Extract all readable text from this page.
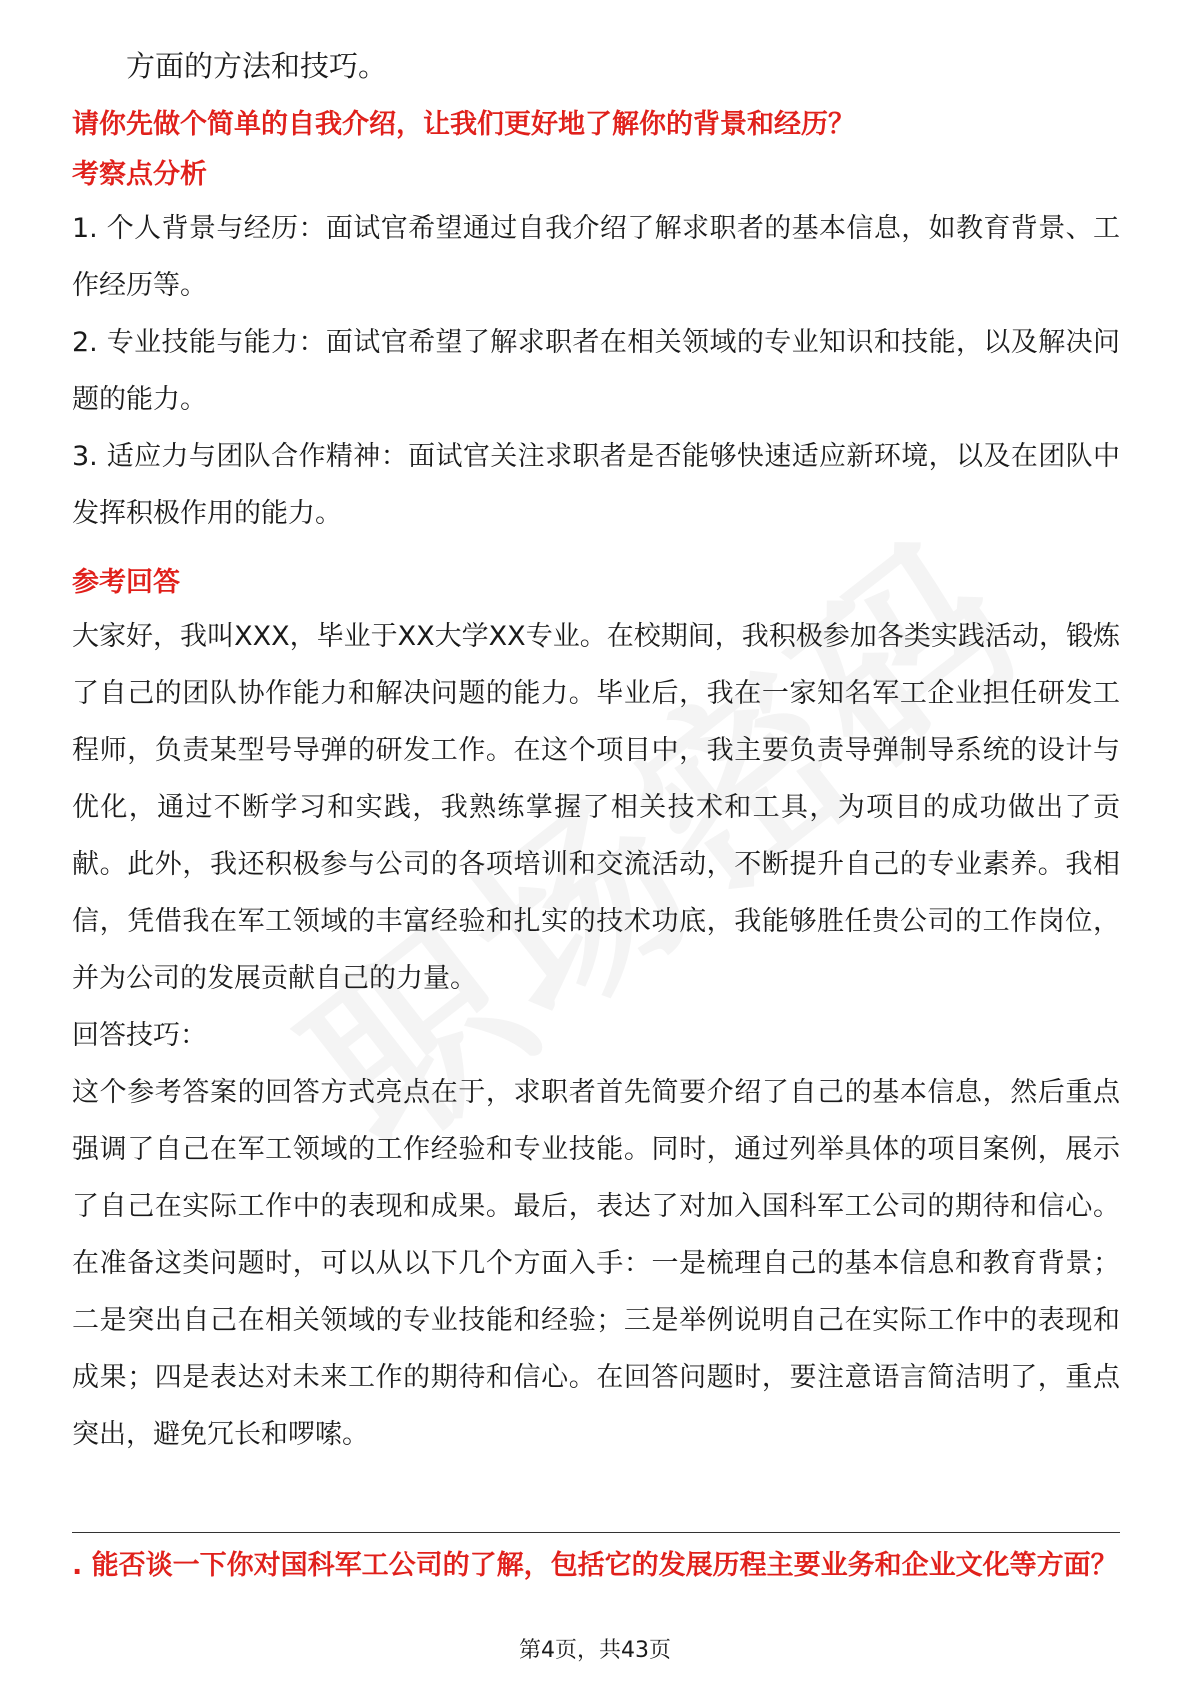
方面的方法和技巧。

请你先做个简单的自我介绍，让我们更好地了解你的背景和经历？

考察点分析

1. 个人背景与经历：面试官希望通过自我介绍了解求职者的基本信息，如教育背景、工作经历等。

2. 专业技能与能力：面试官希望了解求职者在相关领域的专业知识和技能，以及解决问题的能力。

3. 适应力与团队合作精神：面试官关注求职者是否能够快速适应新环境，以及在团队中发挥积极作用的能力。

参考回答

大家好，我叫XXX，毕业于XX大学XX专业。在校期间，我积极参加各类实践活动，锻炼了自己的团队协作能力和解决问题的能力。毕业后，我在一家知名军工企业担任研发工程师，负责某型号导弹的研发工作。在这个项目中，我主要负责导弹制导系统的设计与优化，通过不断学习和实践，我熟练掌握了相关技术和工具，为项目的成功做出了贡献。此外，我还积极参与公司的各项培训和交流活动，不断提升自己的专业素养。我相信，凭借我在军工领域的丰富经验和扎实的技术功底，我能够胜任贵公司的工作岗位，并为公司的发展贡献自己的力量。

回答技巧：

这个参考答案的回答方式亮点在于，求职者首先简要介绍了自己的基本信息，然后重点强调了自己在军工领域的工作经验和专业技能。同时，通过列举具体的项目案例，展示了自己在实际工作中的表现和成果。最后，表达了对加入国科军工公司的期待和信心。在准备这类问题时，可以从以下几个方面入手：一是梳理自己的基本信息和教育背景；二是突出自己在相关领域的专业技能和经验；三是举例说明自己在实际工作中的表现和成果；四是表达对未来工作的期待和信心。在回答问题时，要注意语言简洁明了，重点突出，避免冗长和啰嗦。

. 能否谈一下你对国科军工公司的了解，包括它的发展历程主要业务和企业文化等方面？

第4页，共43页
